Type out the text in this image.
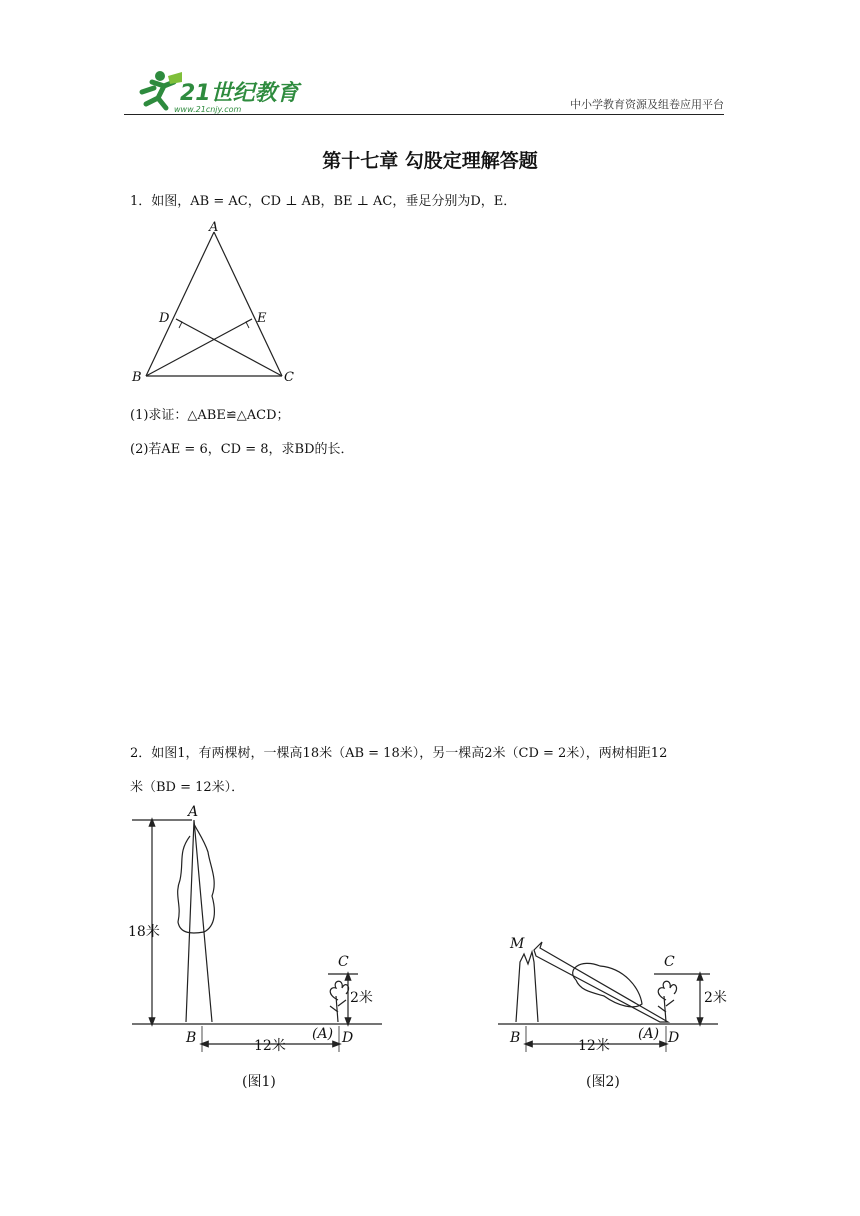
21世纪教育
www.21cnjy.com	中小学教育资源及组卷应用平台
第十七章 勾股定理解答题
1．如图，AB = AC，CD ⊥ AB，BE ⊥ AC，垂足分别为D，E．
A
D	E
B	C
(1)求证：△ABE≌△ACD；
(2)若AE = 6，CD = 8，求BD的长．
2．如图1，有两棵树，一棵高18米（AB = 18米），另一棵高2米（CD = 2米），两树相距12
米（BD = 12米）．
A
18米
C
2米
B	12米
(A) D
(图1)
M
C
2米
B	12米
(A) D
(图2)
